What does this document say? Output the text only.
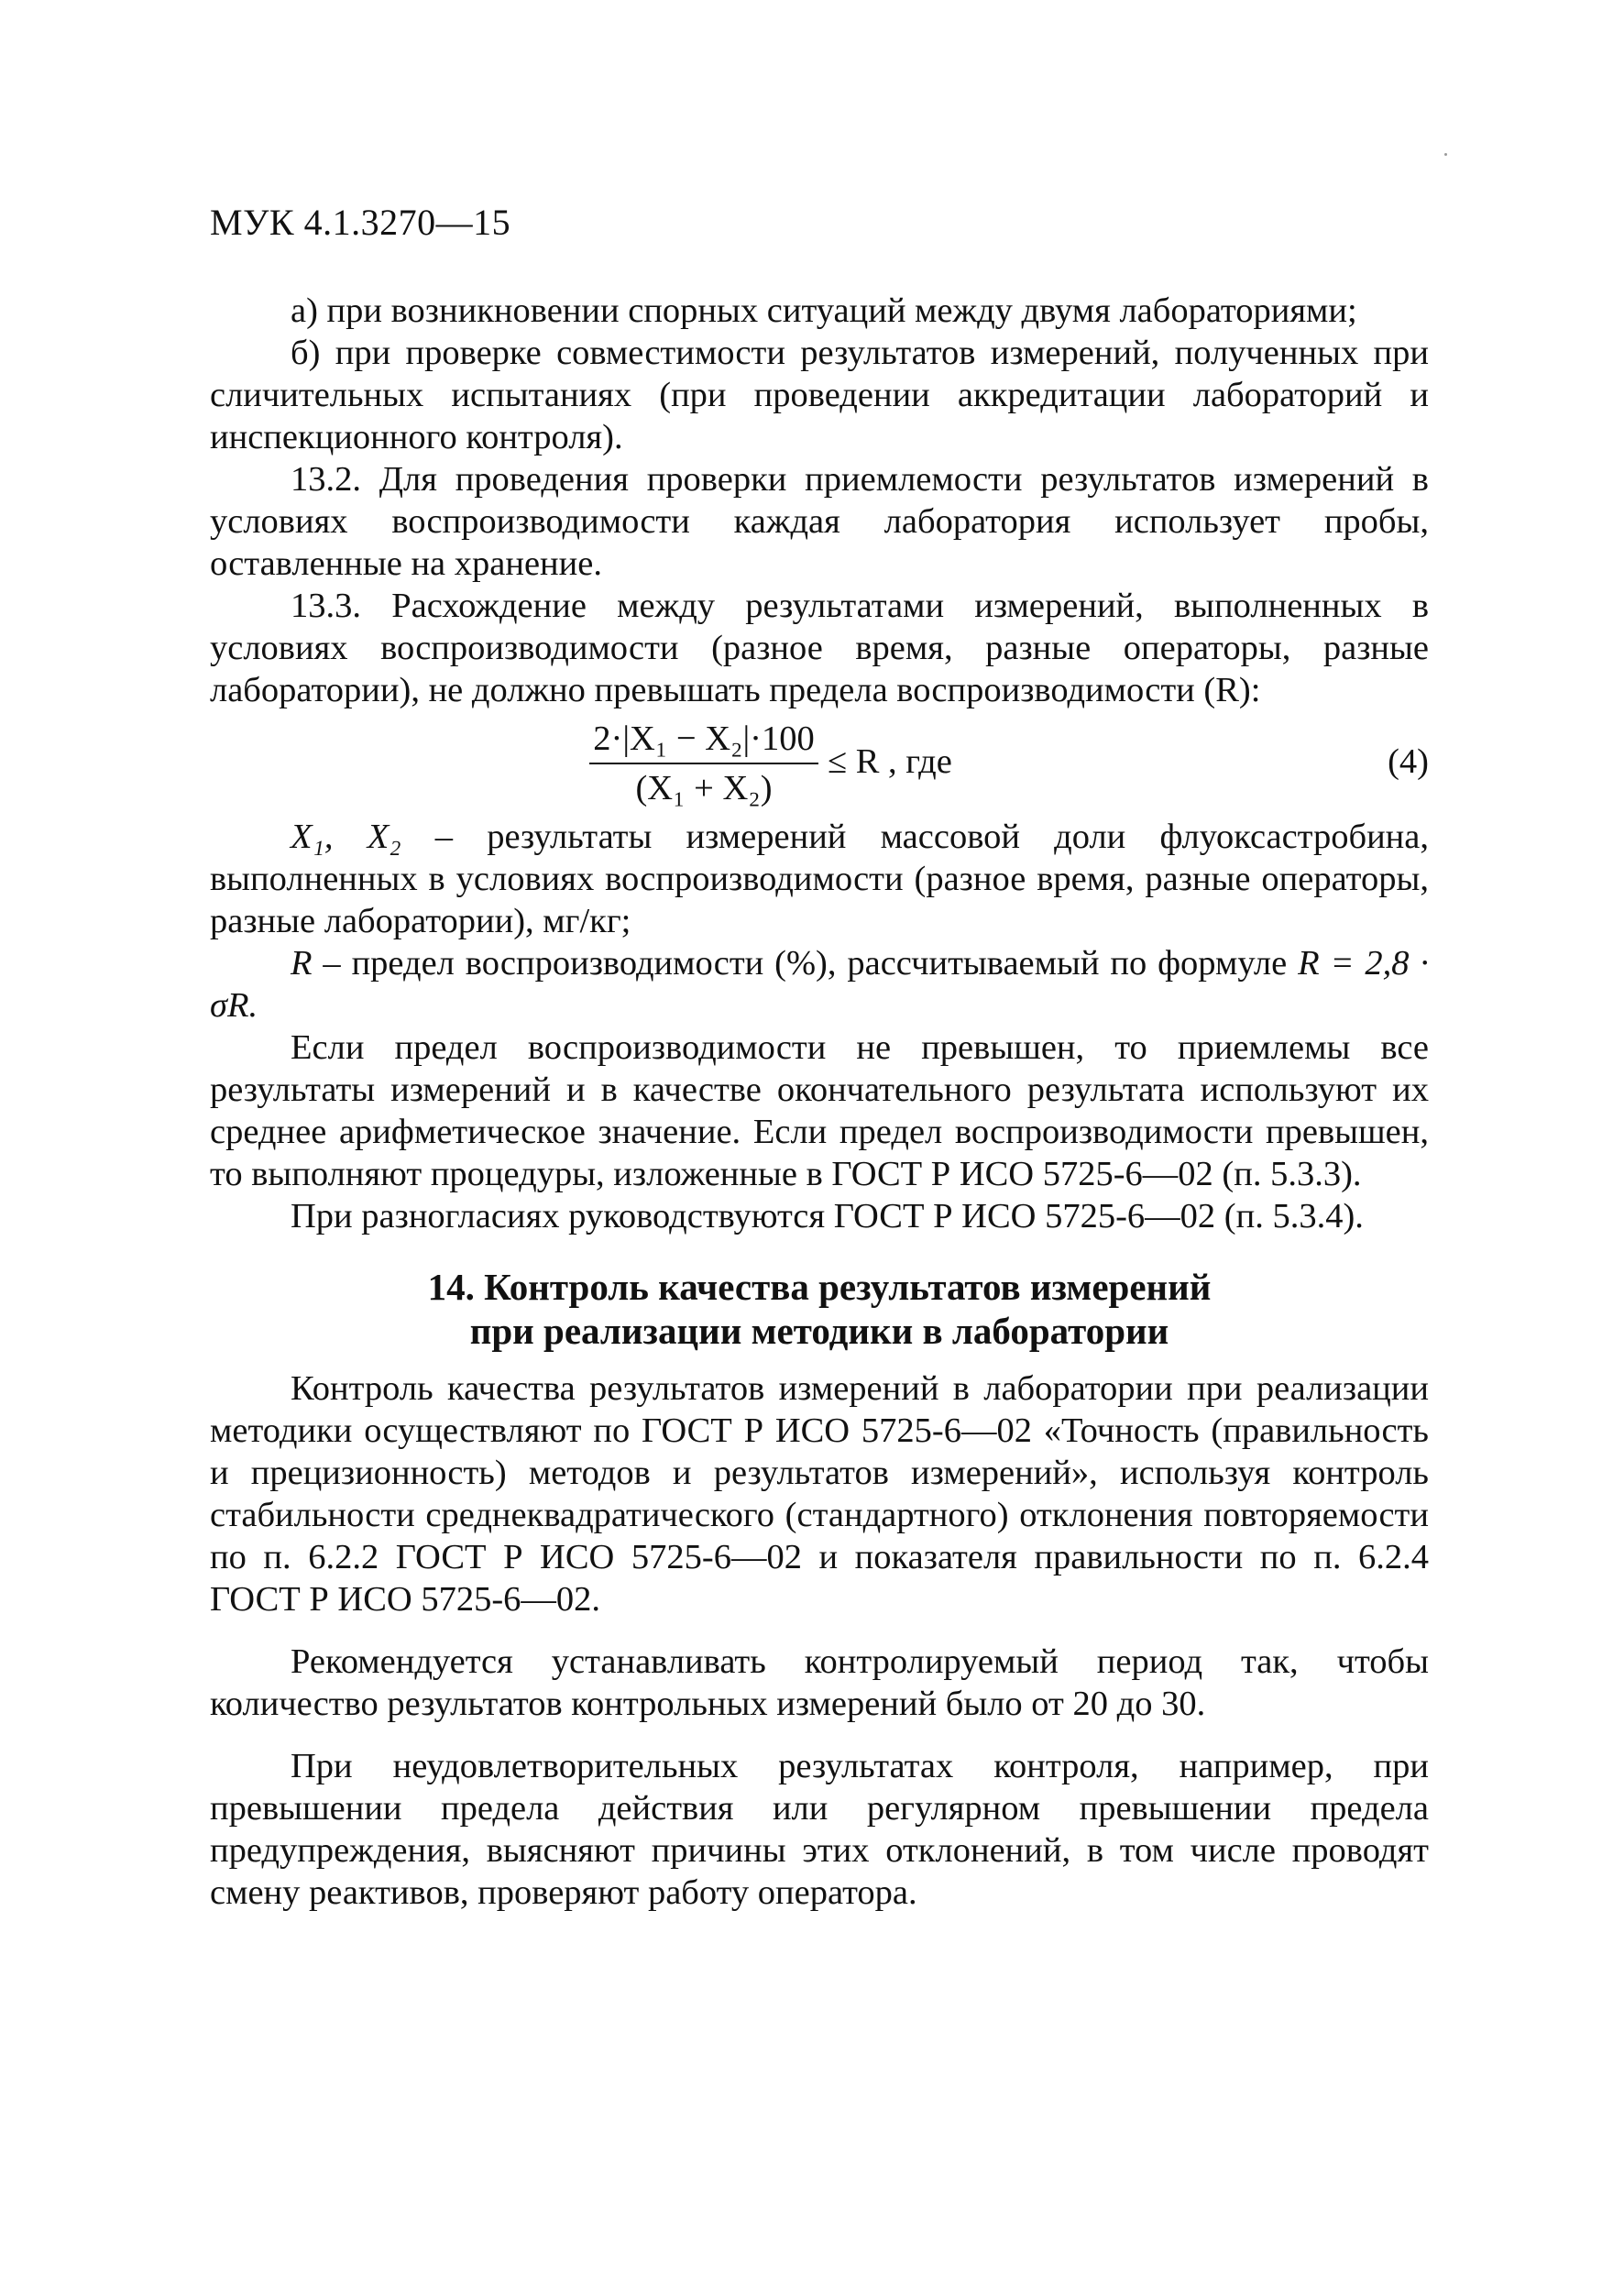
МУК 4.1.3270—15

а) при возникновении спорных ситуаций между двумя лабораториями;

б) при проверке совместимости результатов измерений, полученных при сличительных испытаниях (при проведении аккредитации лабораторий и инспекционного контроля).

13.2. Для проведения проверки приемлемости результатов измерений в условиях воспроизводимости каждая лаборатория использует пробы, оставленные на хранение.

13.3. Расхождение между результатами измерений, выполненных в условиях воспроизводимости (разное время, разные операторы, разные лаборатории), не должно превышать предела воспроизводимости (R):

2·|X₁ − X₂|·100
(X₁ + X₂)
≤ R , где	(4)

X₁, X₂ – результаты измерений массовой доли флуоксастробина, выполненных в условиях воспроизводимости (разное время, разные операторы, разные лаборатории), мг/кг;

R – предел воспроизводимости (%), рассчитываемый по формуле R = 2,8 · σR.

Если предел воспроизводимости не превышен, то приемлемы все результаты измерений и в качестве окончательного результата используют их среднее арифметическое значение. Если предел воспроизводимости превышен, то выполняют процедуры, изложенные в ГОСТ Р ИСО 5725-6—02 (п. 5.3.3).

При разногласиях руководствуются ГОСТ Р ИСО 5725-6—02 (п. 5.3.4).

14. Контроль качества результатов измерений
при реализации методики в лаборатории

Контроль качества результатов измерений в лаборатории при реализации методики осуществляют по ГОСТ Р ИСО 5725-6—02 «Точность (правильность и прецизионность) методов и результатов измерений», используя контроль стабильности среднеквадратического (стандартного) отклонения повторяемости по п. 6.2.2 ГОСТ Р ИСО 5725-6—02 и показателя правильности по п. 6.2.4 ГОСТ Р ИСО 5725-6—02.

Рекомендуется устанавливать контролируемый период так, чтобы количество результатов контрольных измерений было от 20 до 30.

При неудовлетворительных результатах контроля, например, при превышении предела действия или регулярном превышении предела предупреждения, выясняют причины этих отклонений, в том числе проводят смену реактивов, проверяют работу оператора.
